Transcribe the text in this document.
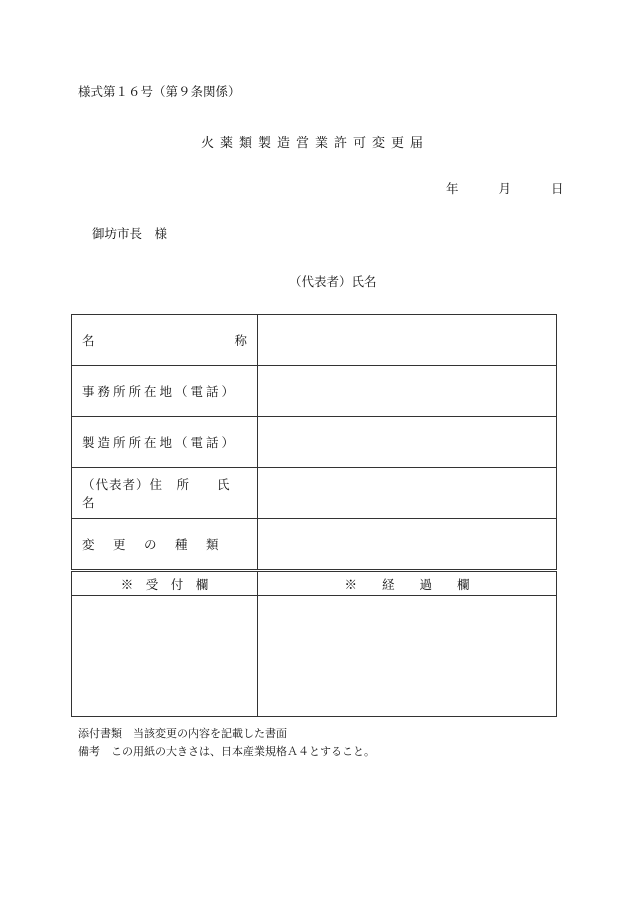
様式第１６号（第９条関係）
火薬類製造営業許可変更届
年	月	日
御坊市長　様
（代表者）氏名
名 称	

事務所所在地（電話）	
製造所所在地（電話）	
（代表者）住　所　　氏　名	
変　更　の　種　類	
※　受　付　欄	※　　経　　過　　欄

添付書類　当該変更の内容を記載した書面
備考　この用紙の大きさは、日本産業規格Ａ４とすること。
